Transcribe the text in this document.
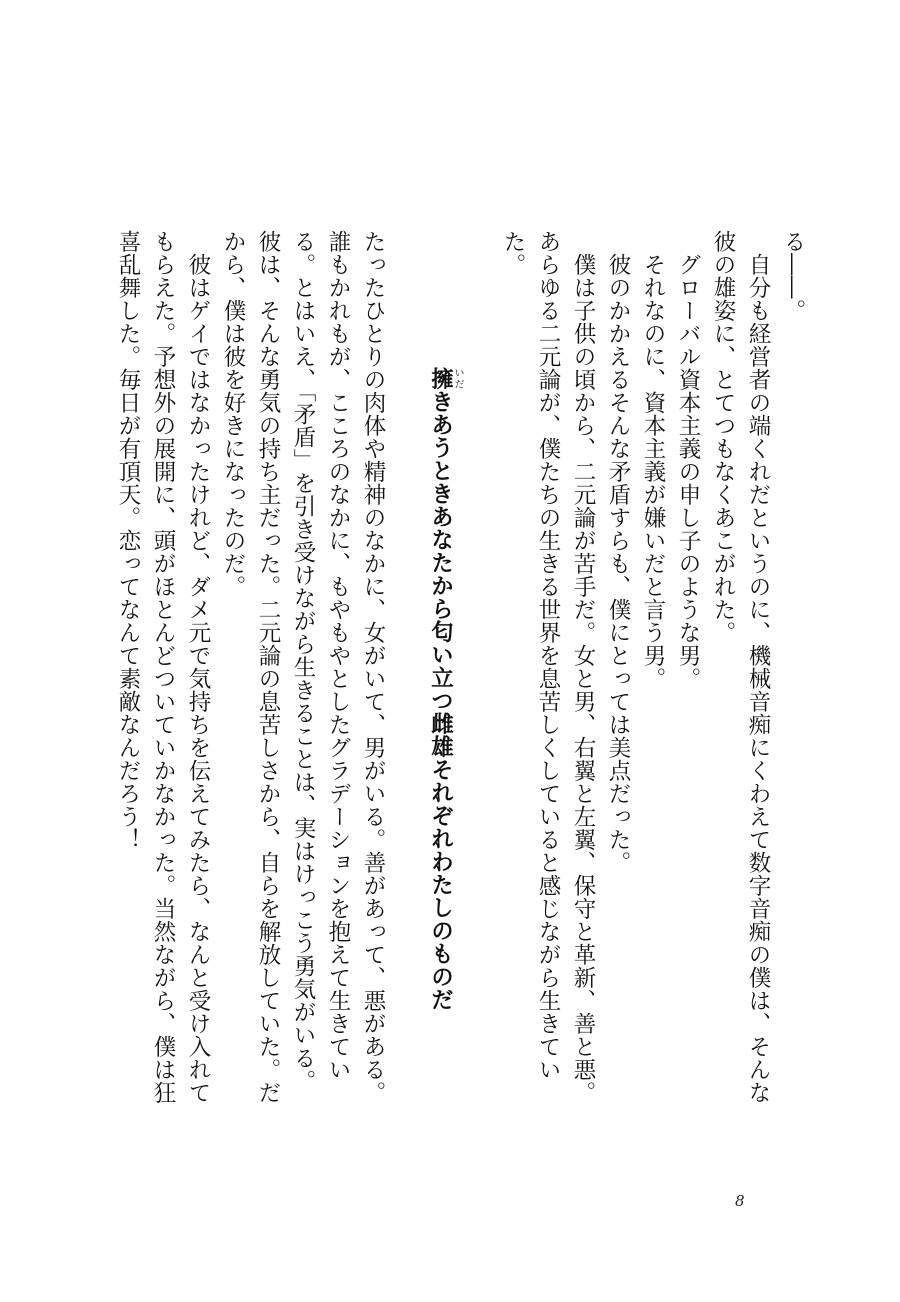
る――。

自分も経営者の端くれだというのに、機械音痴にくわえて数字音痴の僕は、そんな彼の雄姿に、とてつもなくあこがれた。

グローバル資本主義の申し子のような男。

それなのに、資本主義が嫌いだと言う男。

彼のかかえるそんな矛盾すらも、僕にとっては美点だった。

僕は子供の頃から、二元論が苦手だ。女と男、右翼と左翼、保守と革新、善と悪。あらゆる二元論が、僕たちの生きる世界を息苦しくしていると感じながら生きていた。

擁いだきあうときあなたから匂い立つ雌雄それぞれわたしのものだ

たったひとりの肉体や精神のなかに、女がいて、男がいる。善があって、悪がある。誰もかれもが、こころのなかに、もやもやとしたグラデーションを抱えて生きている。とはいえ、「矛盾」を引き受けながら生きることは、実はけっこう勇気がいる。彼は、そんな勇気の持ち主だった。二元論の息苦しさから、自らを解放していた。だから、僕は彼を好きになったのだ。

彼はゲイではなかったけれど、ダメ元で気持ちを伝えてみたら、なんと受け入れてもらえた。予想外の展開に、頭がほとんどついていかなかった。当然ながら、僕は狂喜乱舞した。毎日が有頂天。恋ってなんて素敵なんだろう！

8
